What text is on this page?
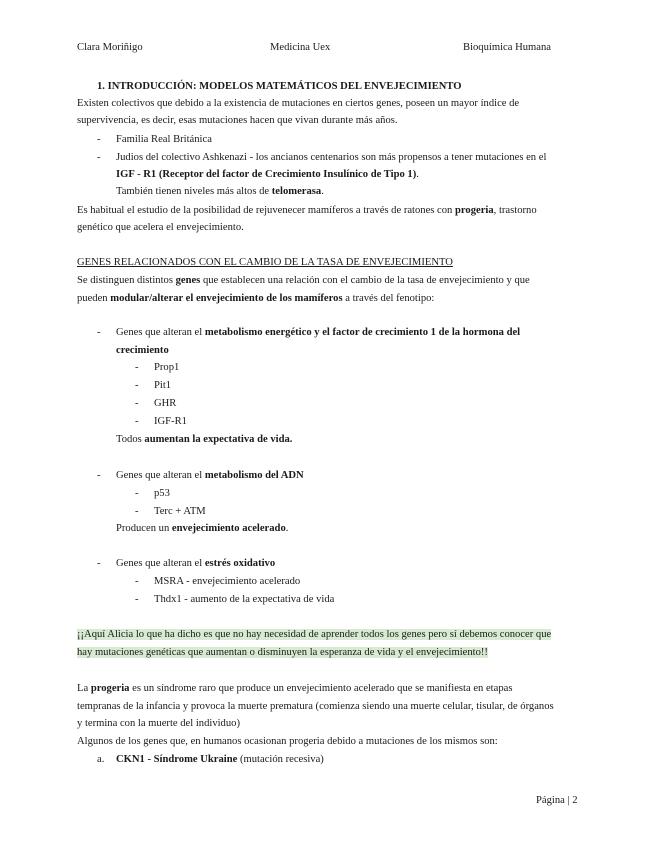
Clara Moriñigo	Medicina Uex	Bioquímica Humana
1. INTRODUCCIÓN: MODELOS MATEMÁTICOS DEL ENVEJECIMIENTO
Existen colectivos que debido a la existencia de mutaciones en ciertos genes, poseen un mayor índice de
supervivencia, es decir, esas mutaciones hacen que vivan durante más años.
- Familia Real Británica
- Judios del colectivo Ashkenazi - los ancianos centenarios son más propensos a tener mutaciones en el
IGF - R1 (Receptor del factor de Crecimiento Insulínico de Tipo 1).
También tienen niveles más altos de telomerasa.
Es habitual el estudio de la posibilidad de rejuvenecer mamíferos a través de ratones con progeria, trastorno
genético que acelera el envejecimiento.
GENES RELACIONADOS CON EL CAMBIO DE LA TASA DE ENVEJECIMIENTO
Se distinguen distintos genes que establecen una relación con el cambio de la tasa de envejecimiento y que
pueden modular/alterar el envejecimiento de los mamíferos a través del fenotipo:
- Genes que alteran el metabolismo energético y el factor de crecimiento 1 de la hormona del
crecimiento
- Prop1
- Pit1
- GHR
- IGF-R1
Todos aumentan la expectativa de vida.
- Genes que alteran el metabolismo del ADN
- p53
- Terc + ATM
Producen un envejecimiento acelerado.
- Genes que alteran el estrés oxidativo
- MSRA - envejecimiento acelerado
- Thdx1 - aumento de la expectativa de vida
¡¡Aquí Alicia lo que ha dicho es que no hay necesidad de aprender todos los genes pero sí debemos conocer que
hay mutaciones genéticas que aumentan o disminuyen la esperanza de vida y el envejecimiento!!
La progeria es un síndrome raro que produce un envejecimiento acelerado que se manifiesta en etapas
tempranas de la infancia y provoca la muerte prematura (comienza siendo una muerte celular, tisular, de órganos
y termina con la muerte del individuo)
Algunos de los genes que, en humanos ocasionan progeria debido a mutaciones de los mismos son:
a. CKN1 - Síndrome Ukraine (mutación recesiva)
Página | 2
